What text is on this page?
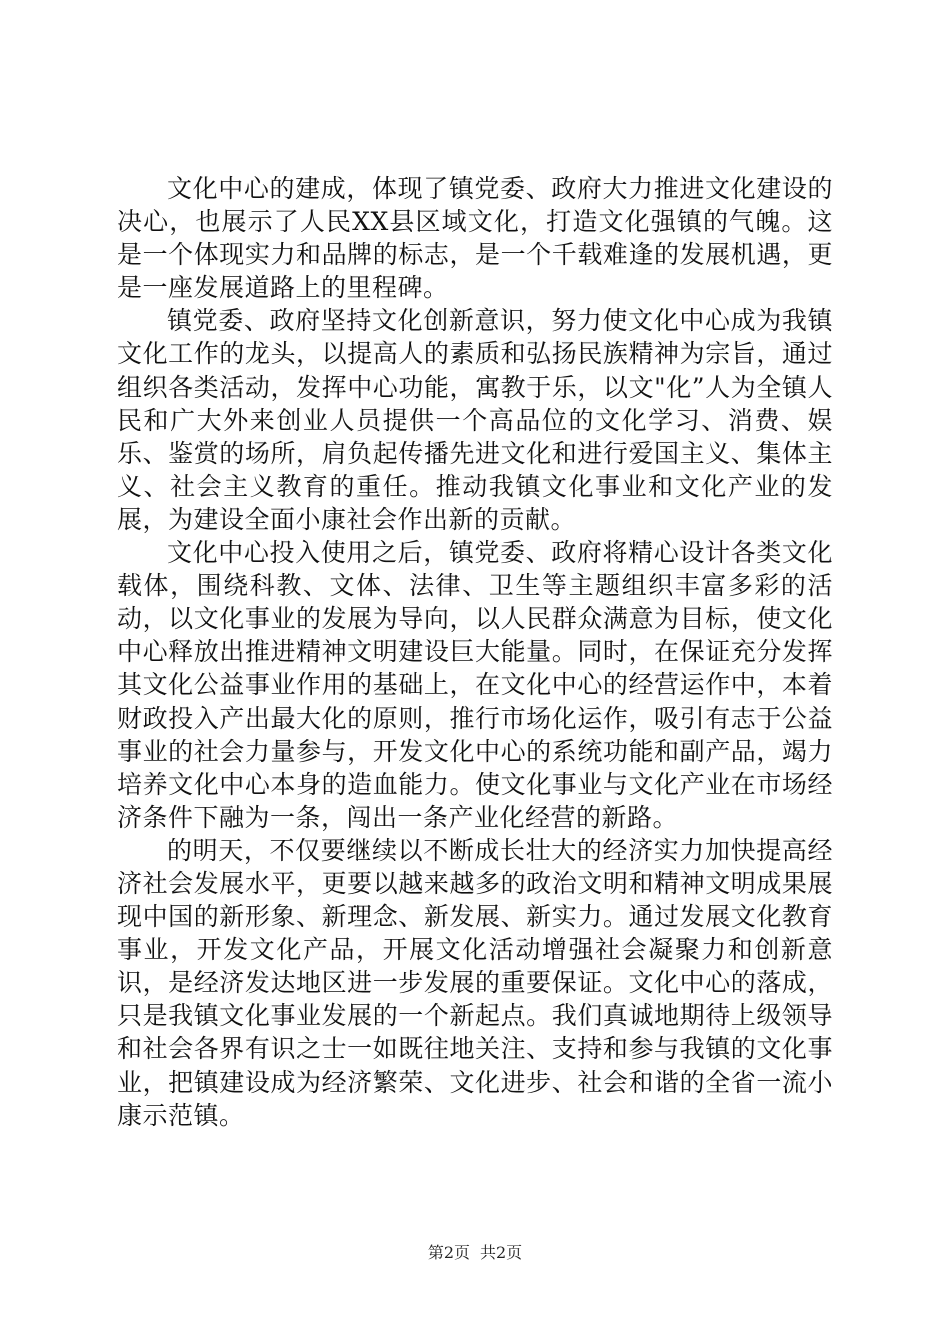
文化中心的建成，体现了镇党委、政府大力推进文化建设的决心，也展示了人民XX县区域文化，打造文化强镇的气魄。这是一个体现实力和品牌的标志，是一个千载难逢的发展机遇，更是一座发展道路上的里程碑。

镇党委、政府坚持文化创新意识，努力使文化中心成为我镇文化工作的龙头，以提高人的素质和弘扬民族精神为宗旨，通过组织各类活动，发挥中心功能，寓教于乐，以文"化”人为全镇人民和广大外来创业人员提供一个高品位的文化学习、消费、娱乐、鉴赏的场所，肩负起传播先进文化和进行爱国主义、集体主义、社会主义教育的重任。推动我镇文化事业和文化产业的发展，为建设全面小康社会作出新的贡献。

文化中心投入使用之后，镇党委、政府将精心设计各类文化载体，围绕科教、文体、法律、卫生等主题组织丰富多彩的活动，以文化事业的发展为导向，以人民群众满意为目标，使文化中心释放出推进精神文明建设巨大能量。同时，在保证充分发挥其文化公益事业作用的基础上，在文化中心的经营运作中，本着财政投入产出最大化的原则，推行市场化运作，吸引有志于公益事业的社会力量参与，开发文化中心的系统功能和副产品，竭力培养文化中心本身的造血能力。使文化事业与文化产业在市场经济条件下融为一条，闯出一条产业化经营的新路。

的明天，不仅要继续以不断成长壮大的经济实力加快提高经济社会发展水平，更要以越来越多的政治文明和精神文明成果展现中国的新形象、新理念、新发展、新实力。通过发展文化教育事业，开发文化产品，开展文化活动增强社会凝聚力和创新意识，是经济发达地区进一步发展的重要保证。文化中心的落成，只是我镇文化事业发展的一个新起点。我们真诚地期待上级领导和社会各界有识之士一如既往地关注、支持和参与我镇的文化事业，把镇建设成为经济繁荣、文化进步、社会和谐的全省一流小康示范镇。

第2页 共2页
